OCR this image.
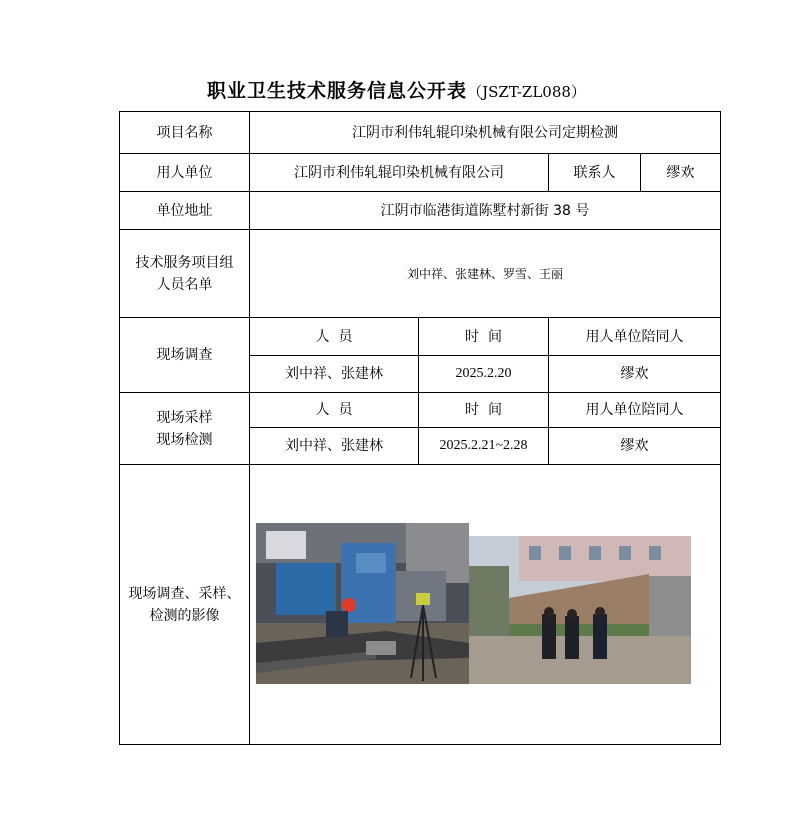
职业卫生技术服务信息公开表（JSZT-ZL088）
项目名称	江阴市利伟轧辊印染机械有限公司定期检测			
用人单位	江阴市利伟轧辊印染机械有限公司		联系人	缪欢
单位地址	江阴市临港街道陈墅村新街 38 号			

技术服务项目组
人员名单	刘中祥、张建林、罗雪、王丽			
现场调查	人  员	时  间	用人单位陪同人	
	刘中祥、张建林	2025.2.20	缪欢	

现场采样
现场检测	人  员	时  间	用人单位陪同人	
	刘中祥、张建林	2025.2.21~2.28	缪欢	

现场调查、采样、
检测的影像
